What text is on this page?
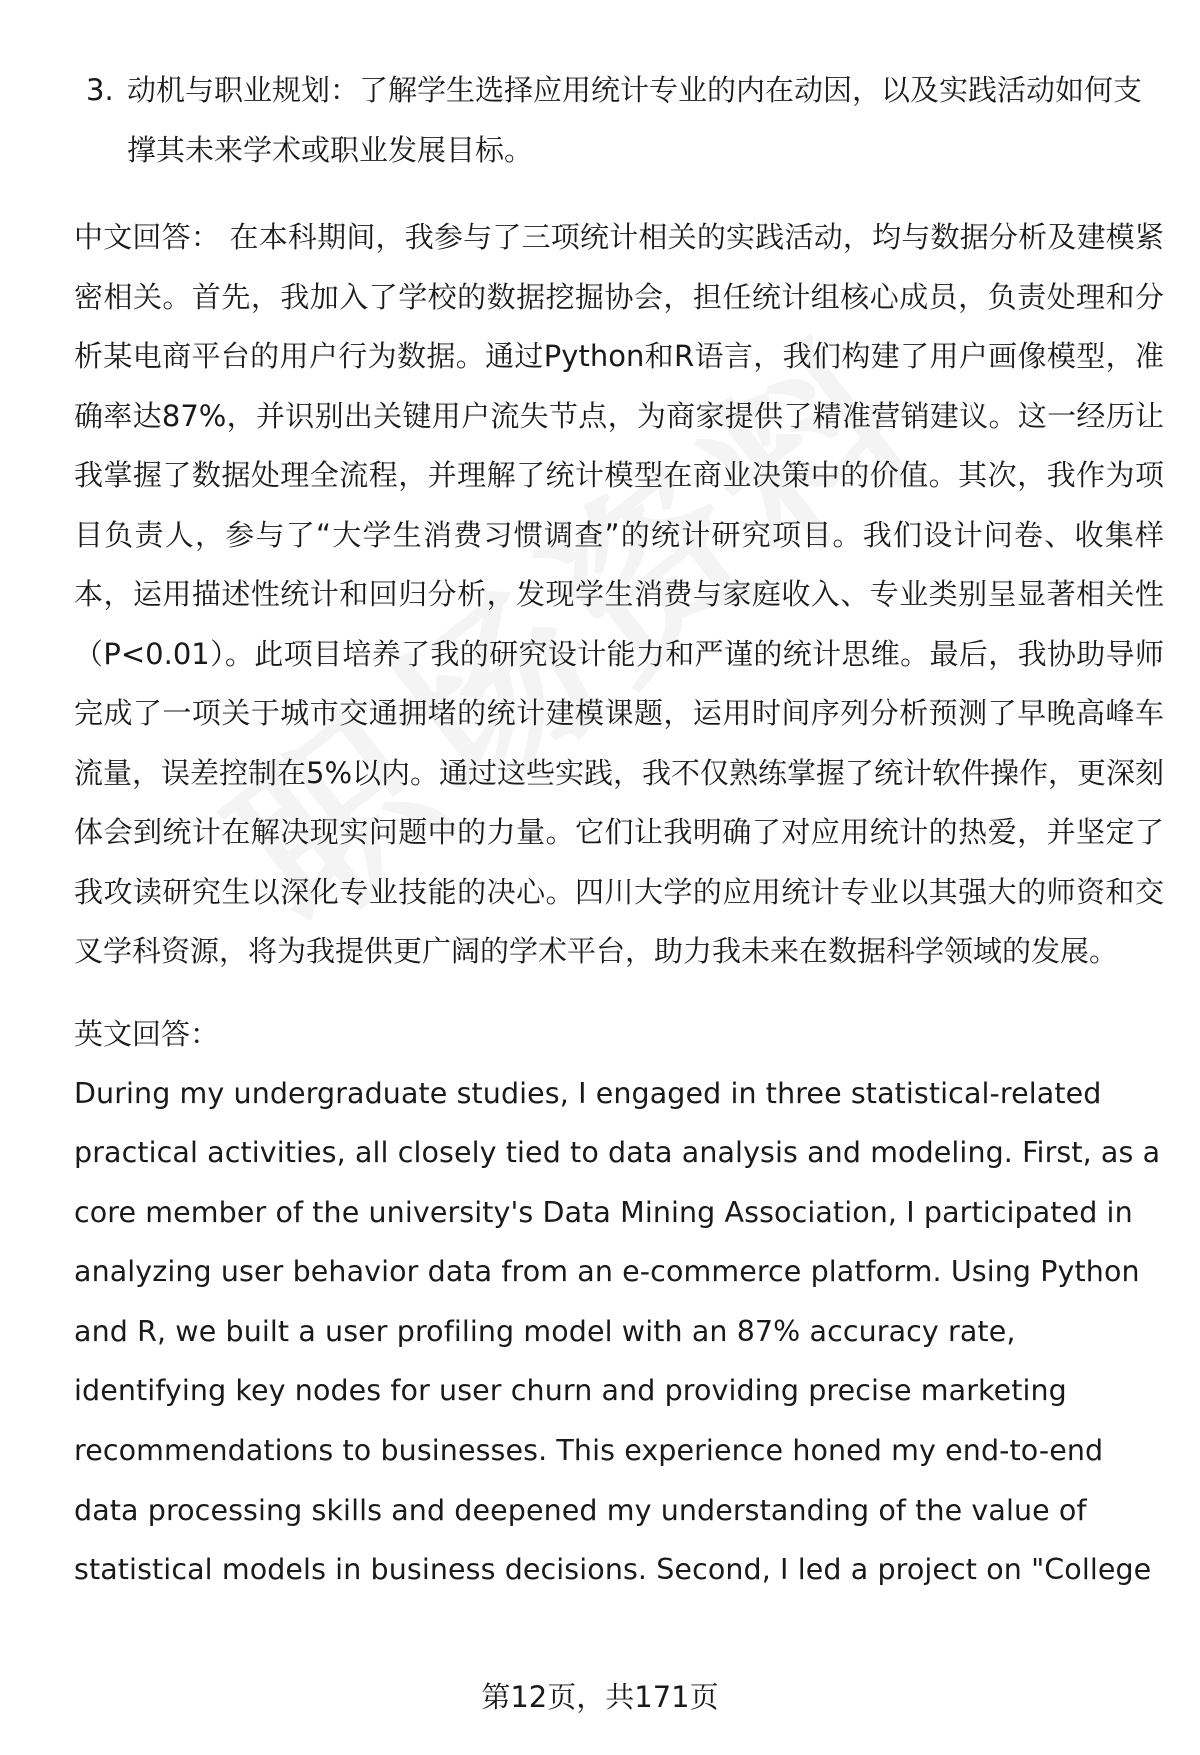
3. 动机与职业规划：了解学生选择应用统计专业的内在动因，以及实践活动如何支撑其未来学术或职业发展目标。
中文回答： 在本科期间，我参与了三项统计相关的实践活动，均与数据分析及建模紧密相关。首先，我加入了学校的数据挖掘协会，担任统计组核心成员，负责处理和分析某电商平台的用户行为数据。通过Python和R语言，我们构建了用户画像模型，准确率达87%，并识别出关键用户流失节点，为商家提供了精准营销建议。这一经历让我掌握了数据处理全流程，并理解了统计模型在商业决策中的价值。其次，我作为项目负责人，参与了“大学生消费习惯调查”的统计研究项目。我们设计问卷、收集样本，运用描述性统计和回归分析，发现学生消费与家庭收入、专业类别呈显著相关性（P<0.01）。此项目培养了我的研究设计能力和严谨的统计思维。最后，我协助导师完成了一项关于城市交通拥堵的统计建模课题，运用时间序列分析预测了早晚高峰车流量，误差控制在5%以内。通过这些实践，我不仅熟练掌握了统计软件操作，更深刻体会到统计在解决现实问题中的力量。它们让我明确了对应用统计的热爱，并坚定了我攻读研究生以深化专业技能的决心。四川大学的应用统计专业以其强大的师资和交叉学科资源，将为我提供更广阔的学术平台，助力我未来在数据科学领域的发展。
英文回答：
During my undergraduate studies, I engaged in three statistical-related practical activities, all closely tied to data analysis and modeling. First, as a core member of the university's Data Mining Association, I participated in analyzing user behavior data from an e-commerce platform. Using Python and R, we built a user profiling model with an 87% accuracy rate, identifying key nodes for user churn and providing precise marketing recommendations to businesses. This experience honed my end-to-end data processing skills and deepened my understanding of the value of statistical models in business decisions. Second, I led a project on "College
第12页，共171页
